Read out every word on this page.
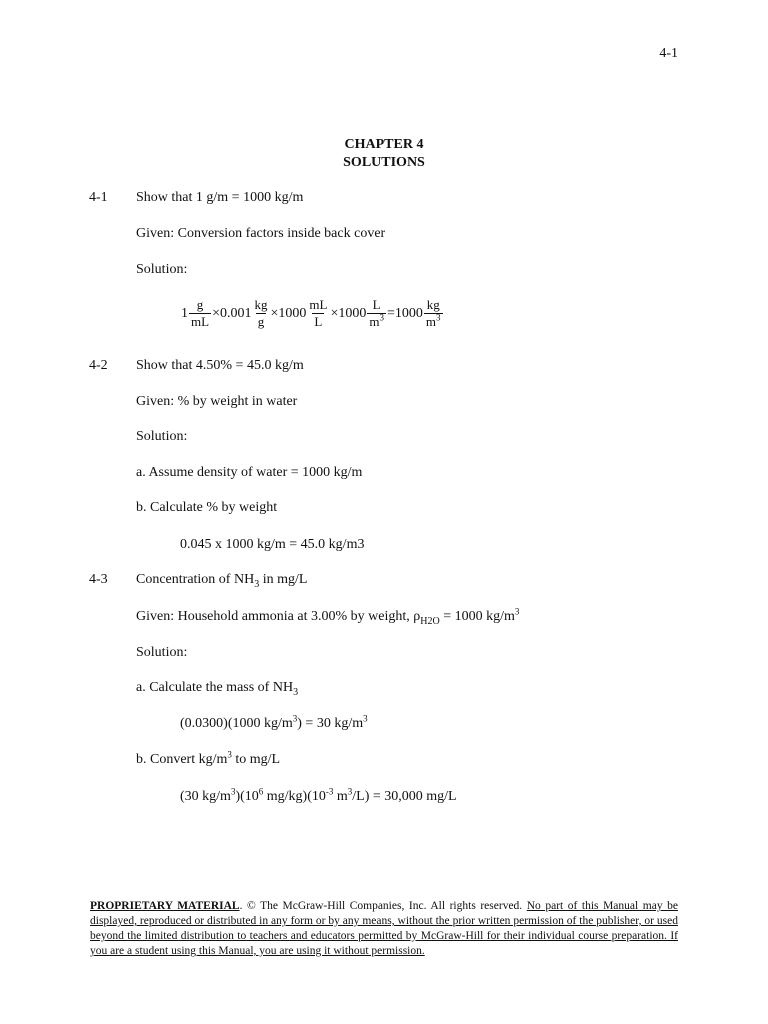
4-1
CHAPTER 4
SOLUTIONS
4-1 Show that 1 g/m = 1000 kg/m
Given: Conversion factors inside back cover
Solution:
$1 \frac{g}{mL} \times 0.001 \frac{kg}{g} \times 1000 \frac{mL}{L} \times 1000 \frac{L}{m^3} =1000 \frac{kg}{m^3}$
4-2 Show that 4.50% = 45.0 kg/m
Given: % by weight in water
Solution:
a. Assume density of water = 1000 kg/m
b. Calculate % by weight
0.045 x 1000 kg/m = 45.0 kg/m3
4-3 Concentration of $NH_3$ in mg/L
Given: Household ammonia at 3.00% by weight, $\rho_{H2O} = 1000$ $kg/m^3$
Solution:
a. Calculate the mass of $NH_3$
(0.0300)(1000 $kg/m^3) = 30$ $kg/m^3$
b. Convert $kg/m^3$ to mg/L
(30 $kg/m^3)(10^6$ $mg/kg)(10^{-3}$ $m^3/L) = 30,000$ mg/L
PROPRIETARY MATERIAL. © The McGraw-Hill Companies, Inc. All rights reserved. No part of this Manual may be displayed, reproduced or distributed in any form or by any means, without the prior written permission of the publisher, or used beyond the limited distribution to teachers and educators permitted by McGraw-Hill for their individual course preparation. If you are a student using this Manual, you are using it without permission.
